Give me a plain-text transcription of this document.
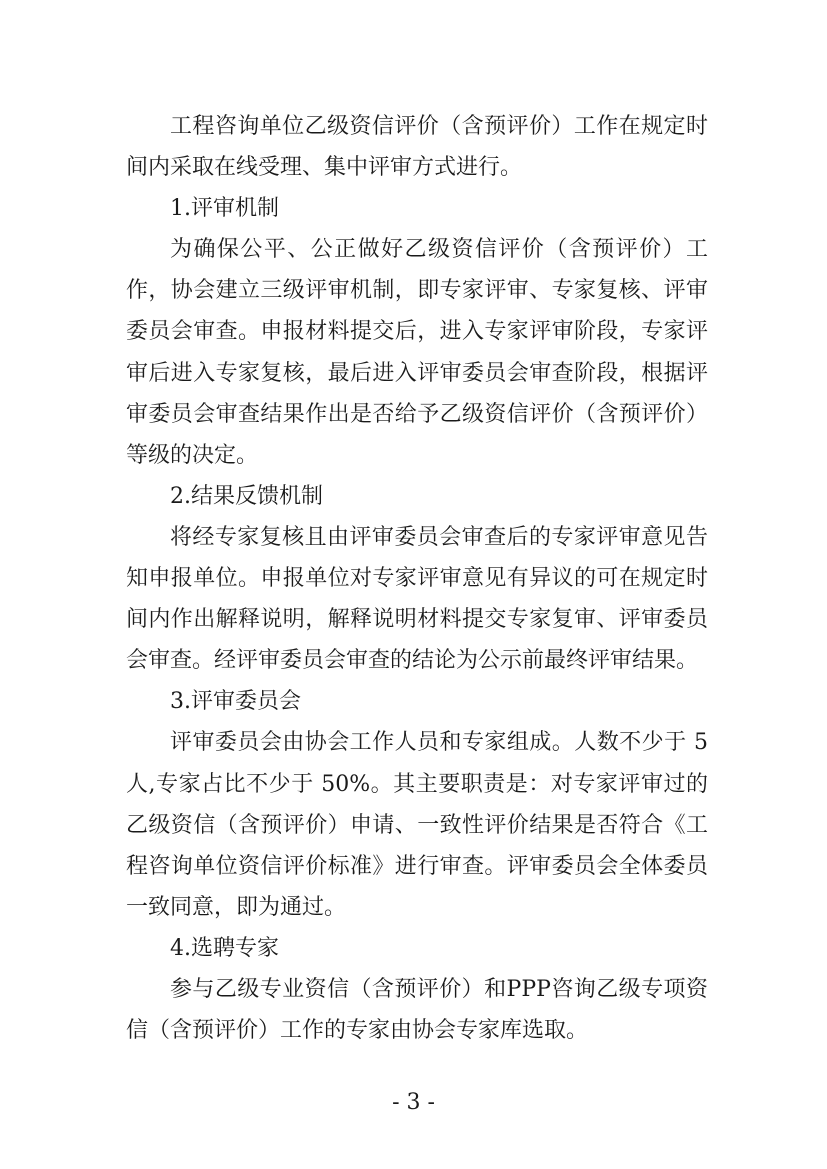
工程咨询单位乙级资信评价（含预评价）工作在规定时间内采取在线受理、集中评审方式进行。

1.评审机制

为确保公平、公正做好乙级资信评价（含预评价）工作，协会建立三级评审机制，即专家评审、专家复核、评审委员会审查。申报材料提交后，进入专家评审阶段，专家评审后进入专家复核，最后进入评审委员会审查阶段，根据评审委员会审查结果作出是否给予乙级资信评价（含预评价）等级的决定。

2.结果反馈机制

将经专家复核且由评审委员会审查后的专家评审意见告知申报单位。申报单位对专家评审意见有异议的可在规定时间内作出解释说明，解释说明材料提交专家复审、评审委员会审查。经评审委员会审查的结论为公示前最终评审结果。

3.评审委员会

评审委员会由协会工作人员和专家组成。人数不少于 5人,专家占比不少于 50%。其主要职责是：对专家评审过的乙级资信（含预评价）申请、一致性评价结果是否符合《工程咨询单位资信评价标准》进行审查。评审委员会全体委员一致同意，即为通过。

4.选聘专家

参与乙级专业资信（含预评价）和PPP咨询乙级专项资信（含预评价）工作的专家由协会专家库选取。

- 3 -
